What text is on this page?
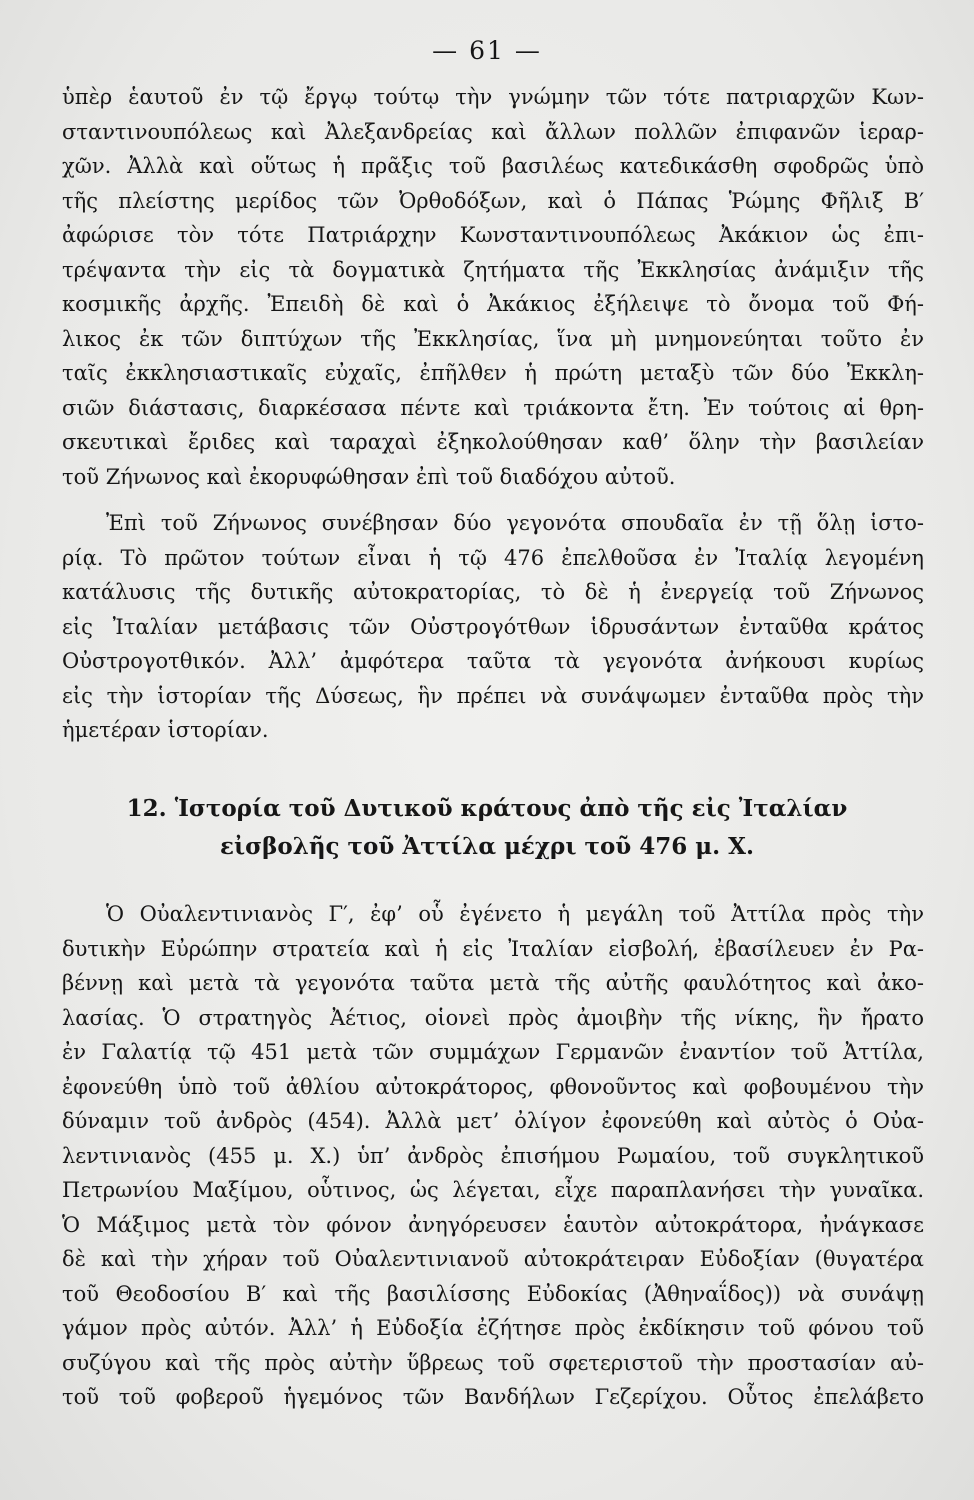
— 61 —
ὑπὲρ ἑαυτοῦ ἐν τῷ ἔργῳ τούτῳ τὴν γνώμην τῶν τότε πατριαρχῶν Κων-
σταντινουπόλεως καὶ Ἀλεξανδρείας καὶ ἄλλων πολλῶν ἐπιφανῶν ἱεραρ-
χῶν. Ἀλλὰ καὶ οὕτως ἡ πρᾶξις τοῦ βασιλέως κατεδικάσθη σφοδρῶς ὑπὸ
τῆς πλείστης μερίδος τῶν Ὀρθοδόξων, καὶ ὁ Πάπας Ῥώμης Φῆλιξ Β′
ἀφώρισε τὸν τότε Πατριάρχην Κωνσταντινουπόλεως Ἀκάκιον ὡς ἐπι-
τρέψαντα τὴν εἰς τὰ δογματικὰ ζητήματα τῆς Ἐκκλησίας ἀνάμιξιν τῆς
κοσμικῆς ἀρχῆς. Ἐπειδὴ δὲ καὶ ὁ Ἀκάκιος ἐξήλειψε τὸ ὄνομα τοῦ Φή-
λικος ἐκ τῶν διπτύχων τῆς Ἐκκλησίας, ἵνα μὴ μνημονεύηται τοῦτο ἐν
ταῖς ἐκκλησιαστικαῖς εὐχαῖς, ἐπῆλθεν ἡ πρώτη μεταξὺ τῶν δύο Ἐκκλη-
σιῶν διάστασις, διαρκέσασα πέντε καὶ τριάκοντα ἔτη. Ἐν τούτοις αἱ θρη-
σκευτικαὶ ἔριδες καὶ ταραχαὶ ἐξηκολούθησαν καθ’ ὅλην τὴν βασιλείαν
τοῦ Ζήνωνος καὶ ἐκορυφώθησαν ἐπὶ τοῦ διαδόχου αὐτοῦ.
Ἐπὶ τοῦ Ζήνωνος συνέβησαν δύο γεγονότα σπουδαῖα ἐν τῇ ὅλῃ ἱστο-
ρίᾳ. Τὸ πρῶτον τούτων εἶναι ἡ τῷ 476 ἐπελθοῦσα ἐν Ἰταλίᾳ λεγομένη
κατάλυσις τῆς δυτικῆς αὐτοκρατορίας, τὸ δὲ ἡ ἐνεργείᾳ τοῦ Ζήνωνος
εἰς Ἰταλίαν μετάβασις τῶν Οὐστρογότθων ἱδρυσάντων ἐνταῦθα κράτος
Οὐστρογοτθικόν. Ἀλλ’ ἀμφότερα ταῦτα τὰ γεγονότα ἀνήκουσι κυρίως
εἰς τὴν ἱστορίαν τῆς Δύσεως, ἣν πρέπει νὰ συνάψωμεν ἐνταῦθα πρὸς τὴν
ἡμετέραν ἱστορίαν.
12. Ἱστορία τοῦ Δυτικοῦ κράτους ἀπὸ τῆς εἰς Ἰταλίαν
εἰσβολῆς τοῦ Ἀττίλα μέχρι τοῦ 476 μ. Χ.
Ὁ Οὐαλεντινιανὸς Γ′, ἐφ’ οὗ ἐγένετο ἡ μεγάλη τοῦ Ἀττίλα πρὸς τὴν
δυτικὴν Εὐρώπην στρατεία καὶ ἡ εἰς Ἰταλίαν εἰσβολή, ἐβασίλευεν ἐν Ρα-
βέννῃ καὶ μετὰ τὰ γεγονότα ταῦτα μετὰ τῆς αὐτῆς φαυλότητος καὶ ἀκο-
λασίας. Ὁ στρατηγὸς Ἀέτιος, οἱονεὶ πρὸς ἀμοιβὴν τῆς νίκης, ἣν ἤρατο
ἐν Γαλατίᾳ τῷ 451 μετὰ τῶν συμμάχων Γερμανῶν ἐναντίον τοῦ Ἀττίλα,
ἐφονεύθη ὑπὸ τοῦ ἀθλίου αὐτοκράτορος, φθονοῦντος καὶ φοβουμένου τὴν
δύναμιν τοῦ ἀνδρὸς (454). Ἀλλὰ μετ’ ὀλίγον ἐφονεύθη καὶ αὐτὸς ὁ Οὐα-
λεντινιανὸς (455 μ. Χ.) ὑπ’ ἀνδρὸς ἐπισήμου Ρωμαίου, τοῦ συγκλητικοῦ
Πετρωνίου Μαξίμου, οὗτινος, ὡς λέγεται, εἶχε παραπλανήσει τὴν γυναῖκα.
Ὁ Μάξιμος μετὰ τὸν φόνον ἀνηγόρευσεν ἑαυτὸν αὐτοκράτορα, ἠνάγκασε
δὲ καὶ τὴν χήραν τοῦ Οὐαλεντινιανοῦ αὐτοκράτειραν Εὐδοξίαν (θυγατέρα
τοῦ Θεοδοσίου Β′ καὶ τῆς βασιλίσσης Εὐδοκίας (Ἀθηναΐδος)) νὰ συνάψῃ
γάμον πρὸς αὐτόν. Ἀλλ’ ἡ Εὐδοξία ἐζήτησε πρὸς ἐκδίκησιν τοῦ φόνου τοῦ
συζύγου καὶ τῆς πρὸς αὐτὴν ὕβρεως τοῦ σφετεριστοῦ τὴν προστασίαν αὐ-
τοῦ τοῦ φοβεροῦ ἡγεμόνος τῶν Βανδήλων Γεζερίχου. Οὗτος ἐπελάβετο
